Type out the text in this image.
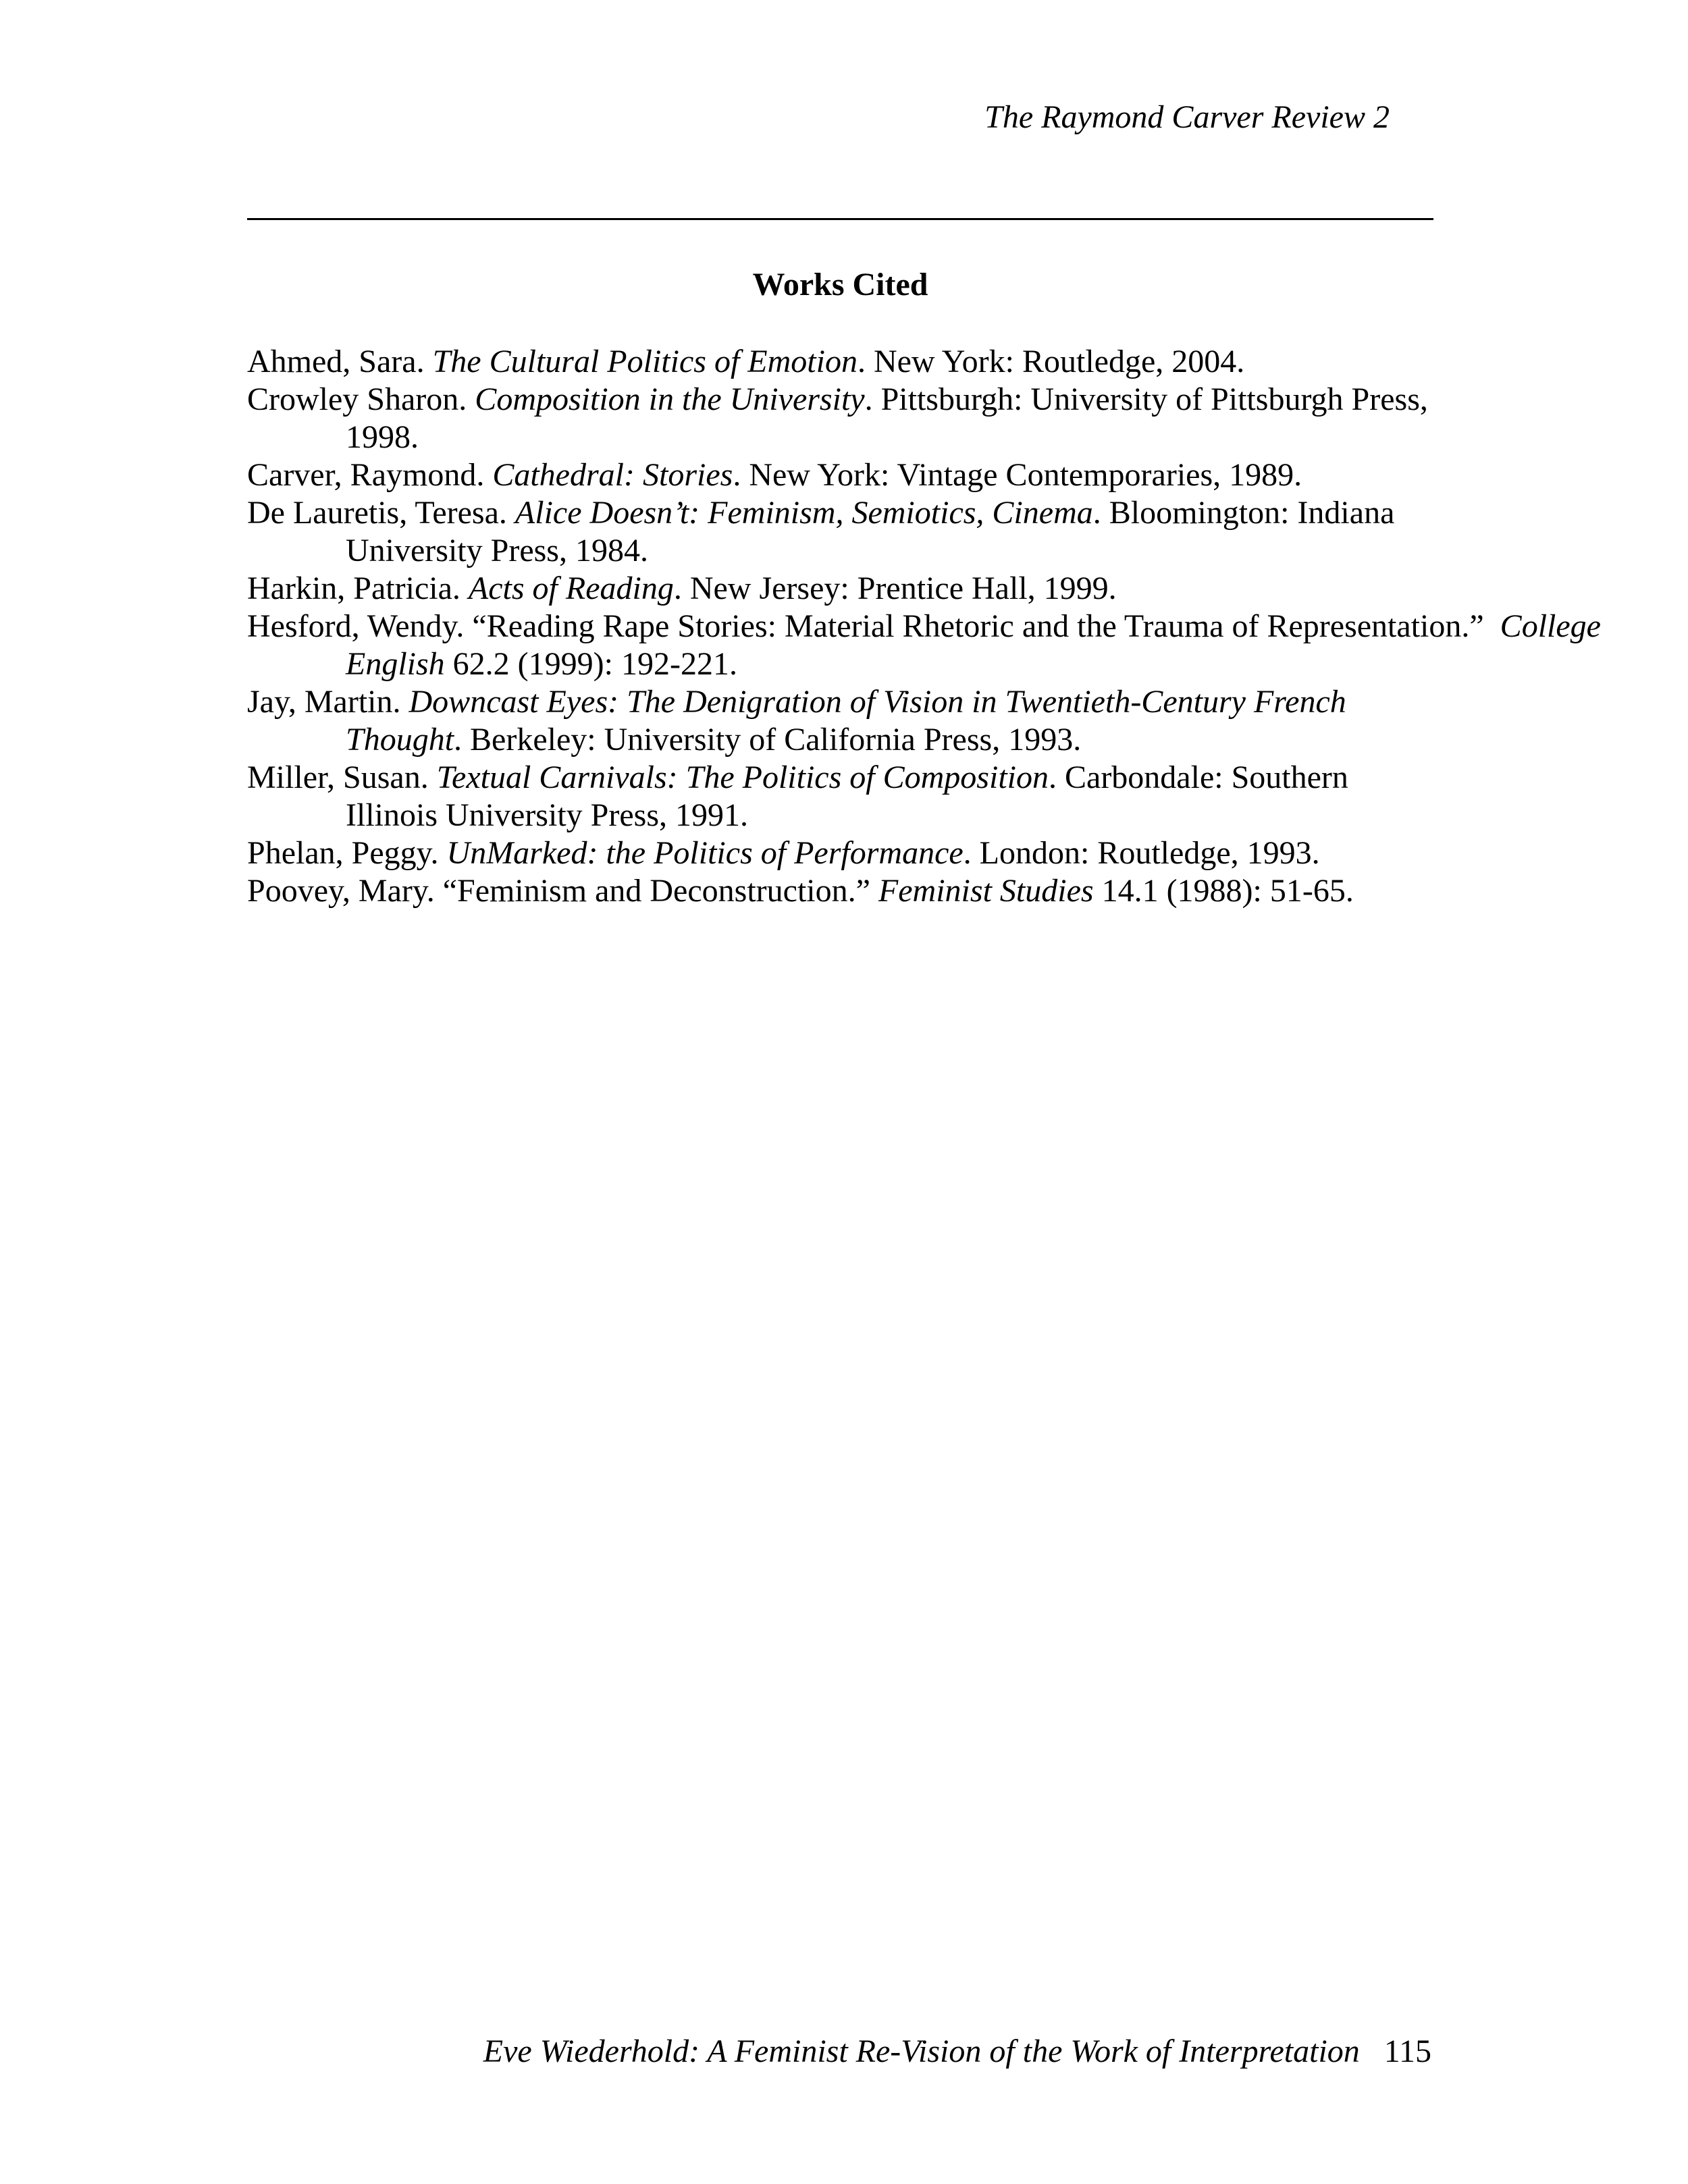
The Raymond Carver Review 2
Works Cited
Ahmed, Sara. The Cultural Politics of Emotion. New York: Routledge, 2004.
Crowley Sharon. Composition in the University. Pittsburgh: University of Pittsburgh Press, 1998.
Carver, Raymond. Cathedral: Stories. New York: Vintage Contemporaries, 1989.
De Lauretis, Teresa. Alice Doesn’t: Feminism, Semiotics, Cinema. Bloomington: Indiana University Press, 1984.
Harkin, Patricia. Acts of Reading. New Jersey: Prentice Hall, 1999.
Hesford, Wendy. “Reading Rape Stories: Material Rhetoric and the Trauma of Representation.”  College English 62.2 (1999): 192-221.
Jay, Martin. Downcast Eyes: The Denigration of Vision in Twentieth-Century French Thought. Berkeley: University of California Press, 1993.
Miller, Susan. Textual Carnivals: The Politics of Composition. Carbondale: Southern Illinois University Press, 1991.
Phelan, Peggy. UnMarked: the Politics of Performance. London: Routledge, 1993.
Poovey, Mary. “Feminism and Deconstruction.” Feminist Studies 14.1 (1988): 51-65.
Eve Wiederhold: A Feminist Re-Vision of the Work of Interpretation 115
